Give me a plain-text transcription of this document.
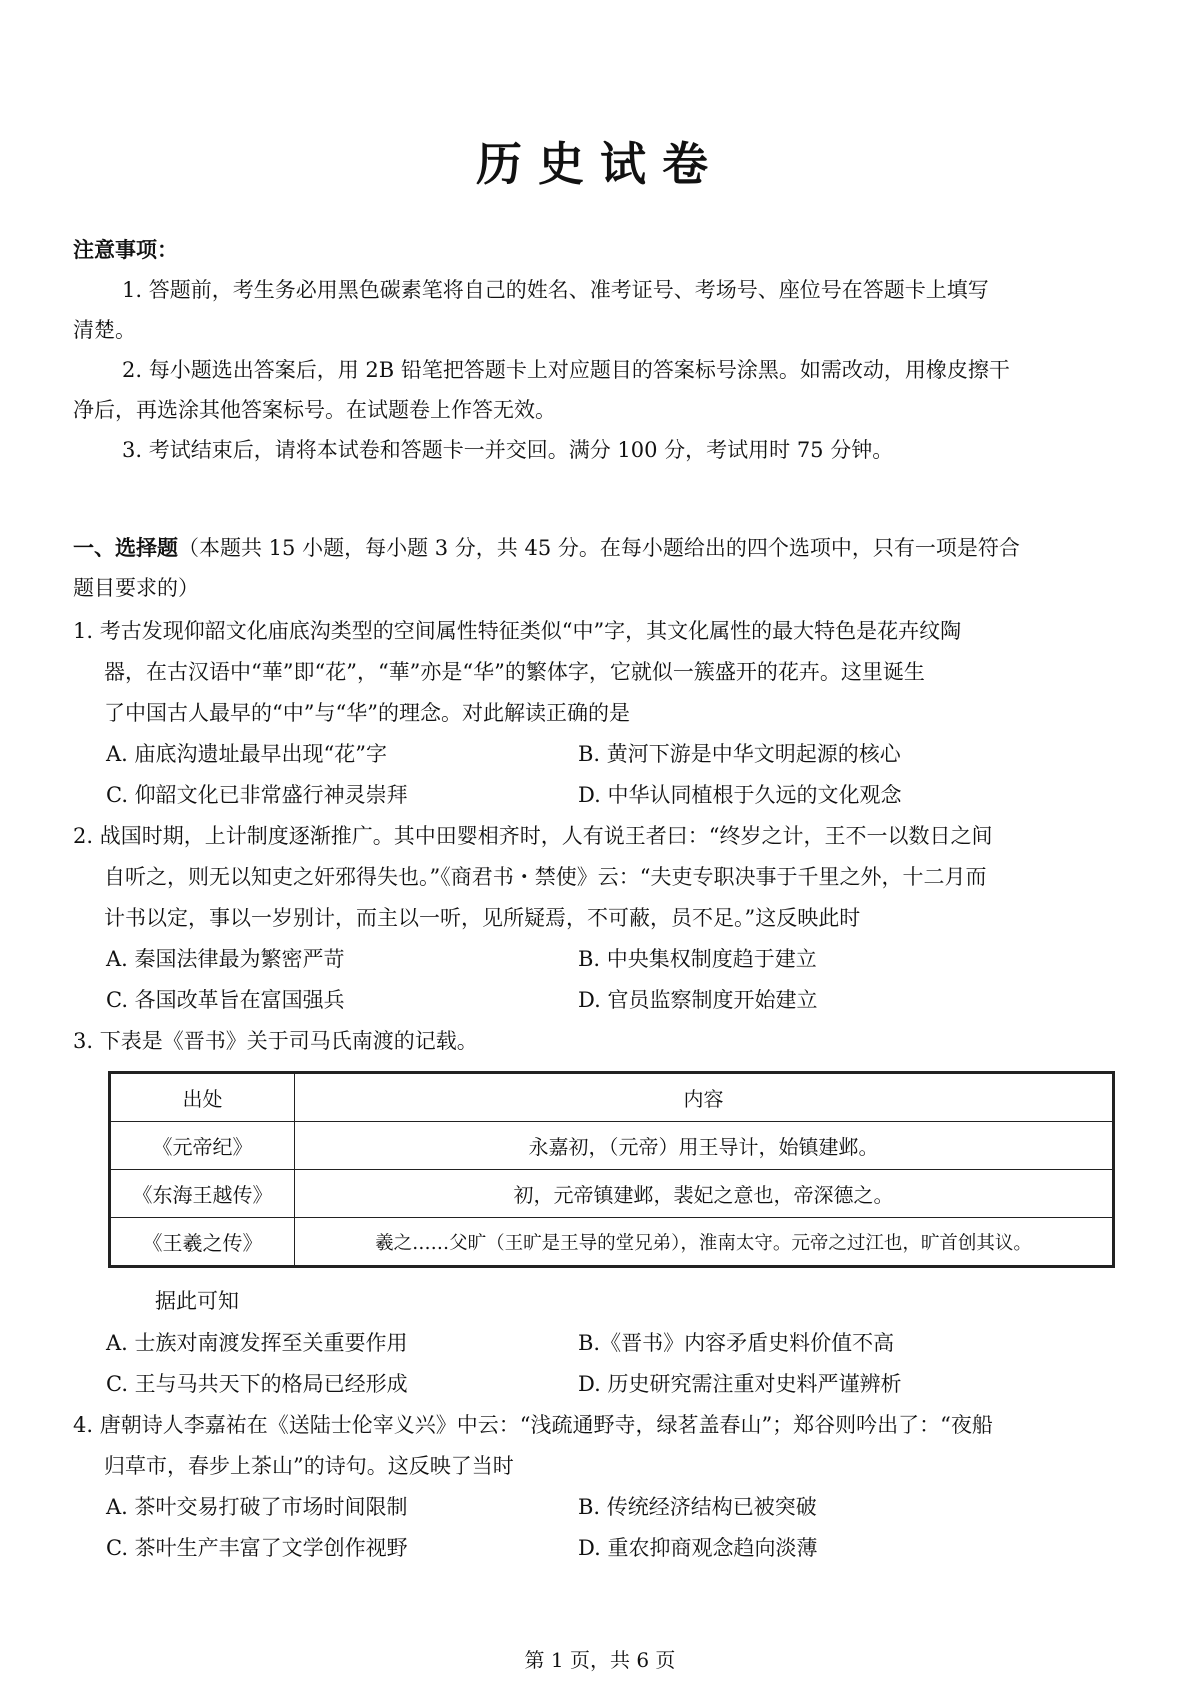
历史试卷
注意事项：
1. 答题前，考生务必用黑色碳素笔将自己的姓名、准考证号、考场号、座位号在答题卡上填写
清楚。
2. 每小题选出答案后，用 2B 铅笔把答题卡上对应题目的答案标号涂黑。如需改动，用橡皮擦干
净后，再选涂其他答案标号。在试题卷上作答无效。
3. 考试结束后，请将本试卷和答题卡一并交回。满分 100 分，考试用时 75 分钟。
一、选择题（本题共 15 小题，每小题 3 分，共 45 分。在每小题给出的四个选项中，只有一项是符合
题目要求的）
1. 考古发现仰韶文化庙底沟类型的空间属性特征类似“中”字，其文化属性的最大特色是花卉纹陶
器，在古汉语中“華”即“花”，“華”亦是“华”的繁体字，它就似一簇盛开的花卉。这里诞生
了中国古人最早的“中”与“华”的理念。对此解读正确的是
A. 庙底沟遗址最早出现“花”字	B. 黄河下游是中华文明起源的核心
C. 仰韶文化已非常盛行神灵崇拜	D. 中华认同植根于久远的文化观念
2. 战国时期，上计制度逐渐推广。其中田婴相齐时，人有说王者曰：“终岁之计，王不一以数日之间
自听之，则无以知吏之奸邪得失也。”《商君书・禁使》云：“夫吏专职决事于千里之外，十二月而
计书以定，事以一岁别计，而主以一听，见所疑焉，不可蔽，员不足。”这反映此时
A. 秦国法律最为繁密严苛	B. 中央集权制度趋于建立
C. 各国改革旨在富国强兵	D. 官员监察制度开始建立
3. 下表是《晋书》关于司马氏南渡的记载。
出处	内容
《元帝纪》	永嘉初，（元帝）用王导计，始镇建邺。
《东海王越传》	初，元帝镇建邺，裴妃之意也，帝深德之。
《王羲之传》	羲之……父旷（王旷是王导的堂兄弟），淮南太守。元帝之过江也，旷首创其议。
据此可知
A. 士族对南渡发挥至关重要作用	B.《晋书》内容矛盾史料价值不高
C. 王与马共天下的格局已经形成	D. 历史研究需注重对史料严谨辨析
4. 唐朝诗人李嘉祐在《送陆士伦宰义兴》中云：“浅疏通野寺，绿茗盖春山”；郑谷则吟出了：“夜船
归草市，春步上茶山”的诗句。这反映了当时
A. 茶叶交易打破了市场时间限制	B. 传统经济结构已被突破
C. 茶叶生产丰富了文学创作视野	D. 重农抑商观念趋向淡薄
第 1 页，共 6 页
